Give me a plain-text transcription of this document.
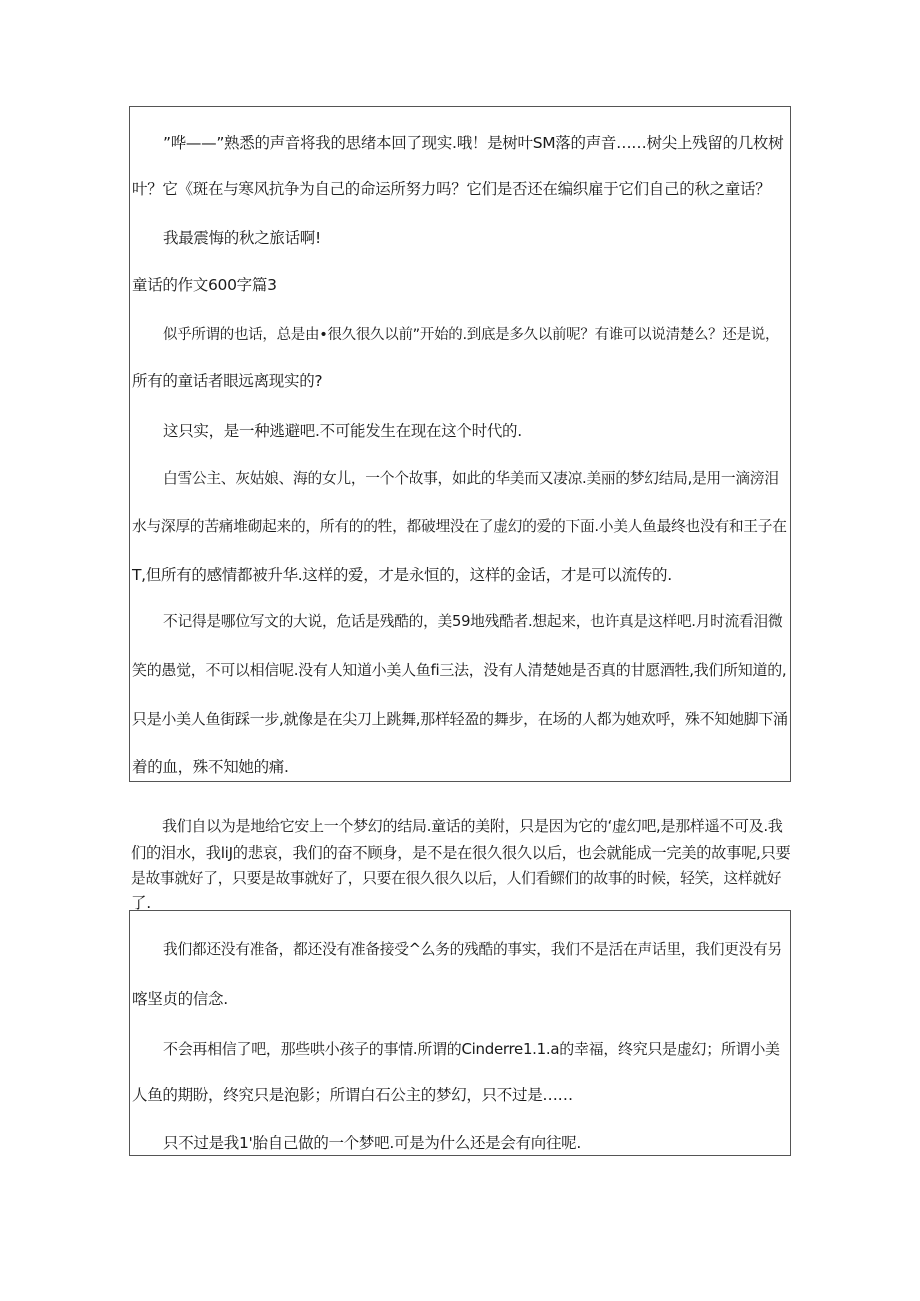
”哗——”熟悉的声音将我的思绪本回了现实.哦！是树叶SM落的声音……树尖上残留的几枚树
叶？它《斑在与寒风抗争为自己的命运所努力吗？它们是否还在编织雇于它们自己的秋之童话？
我最震悔的秋之旅话啊!
童话的作文600字篇3
似乎所谓的也话，总是由•很久很久以前”开始的.到底是多久以前呢？有谁可以说清楚么？还是说，
所有的童话者眼远离现实的?
这只实，是一种逃避吧.不可能发生在现在这个时代的.
白雪公主、灰姑娘、海的女儿，一个个故事，如此的华美而又凄凉.美丽的梦幻结局,是用一滴滂泪
水与深厚的苦痛堆砌起来的，所有的的牲，都破埋没在了虚幻的爱的下面.小美人鱼最终也没有和王子在
T,但所有的感情都被升华.这样的爱，才是永恒的，这样的金话，才是可以流传的.
不记得是哪位写文的大说，危话是残酷的，美59地残酷者.想起来，也许真是这样吧.月时流看泪微
笑的愚觉，不可以相信呢.没有人知道小美人鱼fi三法，没有人清楚她是否真的甘愿酒牲,我们所知道的,
只是小美人鱼街踩一步,就像是在尖刀上跳舞,那样轻盈的舞步，在场的人都为她欢呼，殊不知她脚下涌
着的血，殊不知她的痛.
我们自以为是地给它安上一个梦幻的结局.童话的美附，只是因为它的‘虚幻吧,是那样遥不可及.我
们的泪水，我liJ的悲哀，我们的奋不顾身，是不是在很久很久以后，也会就能成一完美的故事呢,只要
是故事就好了，只要是故事就好了，只要在很久很久以后，人们看鳏们的故事的时候，轻笑，这样就好
了.
我们都还没有准备，都还没有准备接受^么务的残酷的事实，我们不是活在声话里，我们更没有另
喀坚贞的信念.
不会再相信了吧，那些哄小孩子的事情.所谓的Cinderre1.1.a的幸福，终究只是虚幻；所谓小美
人鱼的期盼，终究只是泡影；所谓白石公主的梦幻，只不过是……
只不过是我1'胎自己做的一个梦吧.可是为什么还是会有向往呢.
